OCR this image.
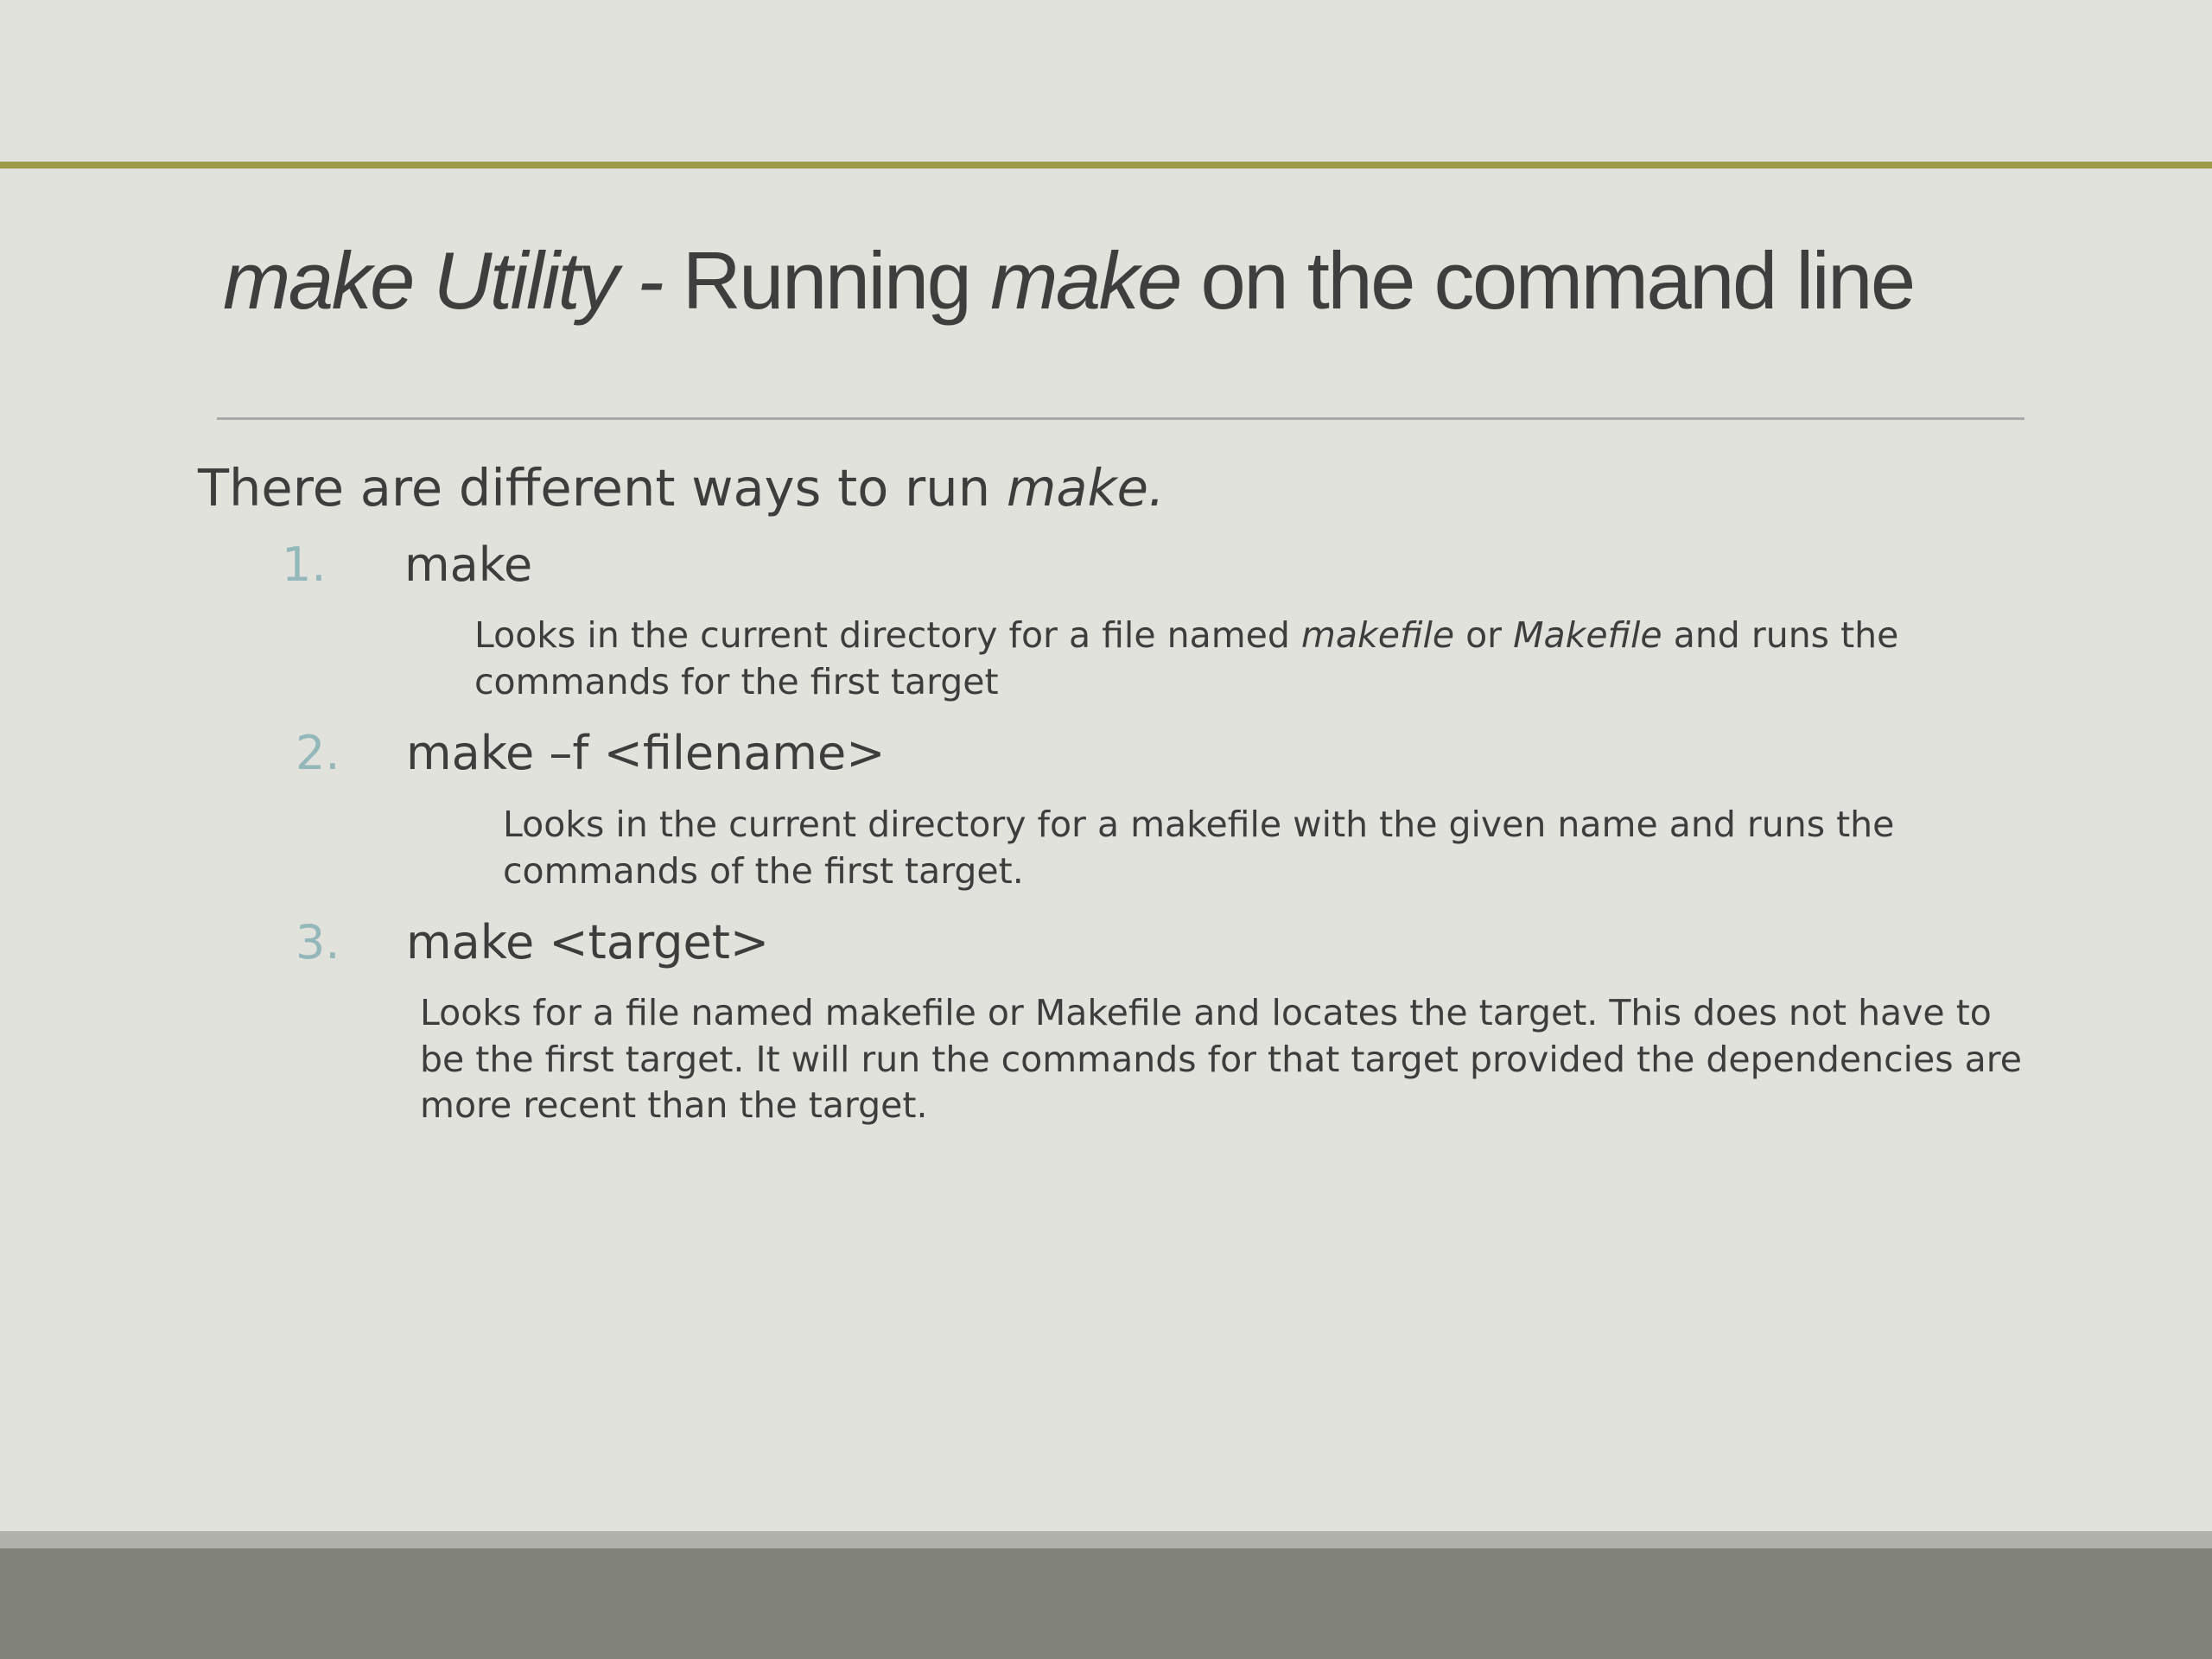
make Utility - Running make on the command line
There are different ways to run make.
1. make
Looks in the current directory for a file named makefile or Makefile and runs the commands for the first target
2. make –f <filename>
Looks in the current directory for a makefile with the given name and runs the commands of the first target.
3. make <target>
Looks for a file named makefile or Makefile and locates the target. This does not have to be the first target. It will run the commands for that target provided the dependencies are more recent than the target.
